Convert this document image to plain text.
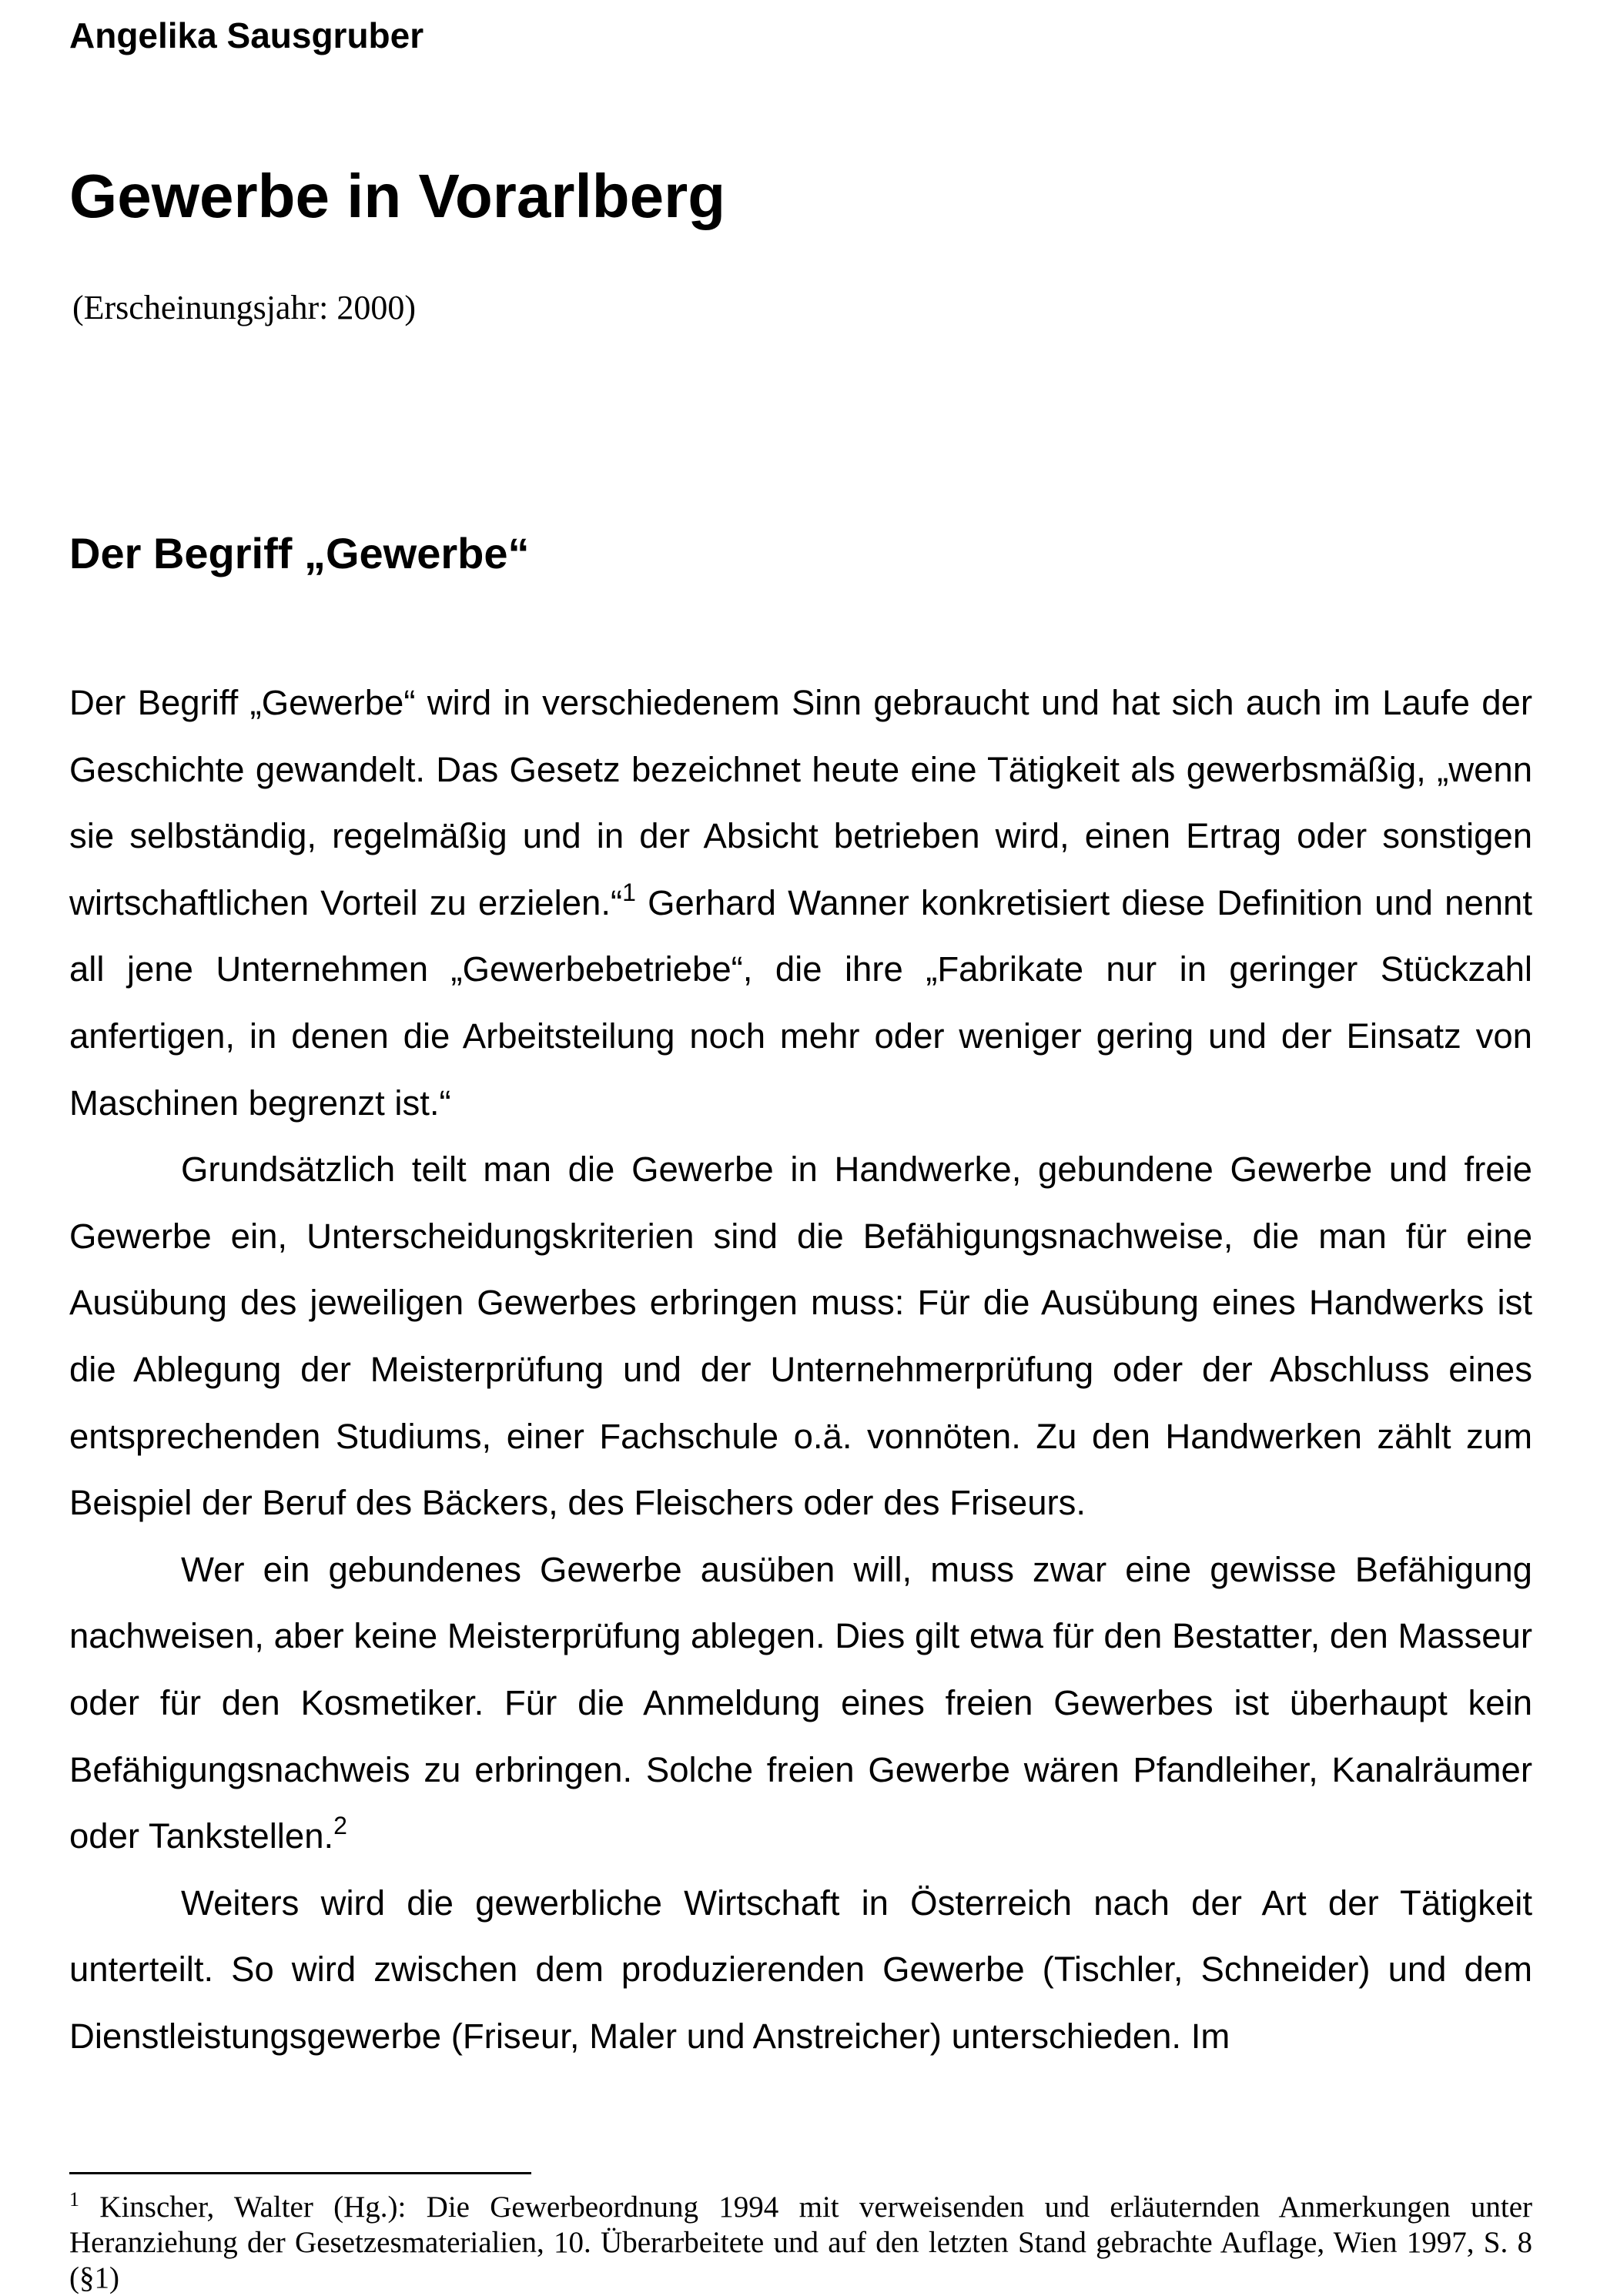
Angelika Sausgruber

Gewerbe in Vorarlberg

(Erscheinungsjahr: 2000)

Der Begriff „Gewerbe“

Der Begriff „Gewerbe“ wird in verschiedenem Sinn gebraucht und hat sich auch im Laufe der Geschichte gewandelt. Das Gesetz bezeichnet heute eine Tätigkeit als gewerbsmäßig, „wenn sie selbständig, regelmäßig und in der Absicht betrieben wird, einen Ertrag oder sonstigen wirtschaftlichen Vorteil zu erzielen.“$^1$ Gerhard Wanner konkretisiert diese Definition und nennt all jene Unternehmen „Gewerbebetriebe“, die ihre „Fabrikate nur in geringer Stückzahl anfertigen, in denen die Arbeitsteilung noch mehr oder weniger gering und der Einsatz von Maschinen begrenzt ist.“

Grundsätzlich teilt man die Gewerbe in Handwerke, gebundene Gewerbe und freie Gewerbe ein, Unterscheidungskriterien sind die Befähigungsnachweise, die man für eine Ausübung des jeweiligen Gewerbes erbringen muss: Für die Ausübung eines Handwerks ist die Ablegung der Meisterprüfung und der Unternehmerprüfung oder der Abschluss eines entsprechenden Studiums, einer Fachschule o.ä. vonnöten. Zu den Handwerken zählt zum Beispiel der Beruf des Bäckers, des Fleischers oder des Friseurs.

Wer ein gebundenes Gewerbe ausüben will, muss zwar eine gewisse Befähigung nachweisen, aber keine Meisterprüfung ablegen. Dies gilt etwa für den Bestatter, den Masseur oder für den Kosmetiker. Für die Anmeldung eines freien Gewerbes ist überhaupt kein Befähigungsnachweis zu erbringen. Solche freien Gewerbe wären Pfandleiher, Kanalräumer oder Tankstellen.$^2$

Weiters wird die gewerbliche Wirtschaft in Österreich nach der Art der Tätigkeit unterteilt. So wird zwischen dem produzierenden Gewerbe (Tischler, Schneider) und dem Dienstleistungsgewerbe (Friseur, Maler und Anstreicher) unterschieden. Im

$^1$ Kinscher, Walter (Hg.): Die Gewerbeordnung 1994 mit verweisenden und erläuternden Anmerkungen unter Heranziehung der Gesetzesmaterialien, 10. Überarbeitete und auf den letzten Stand gebrachte Auflage, Wien 1997, S. 8 (§1)
